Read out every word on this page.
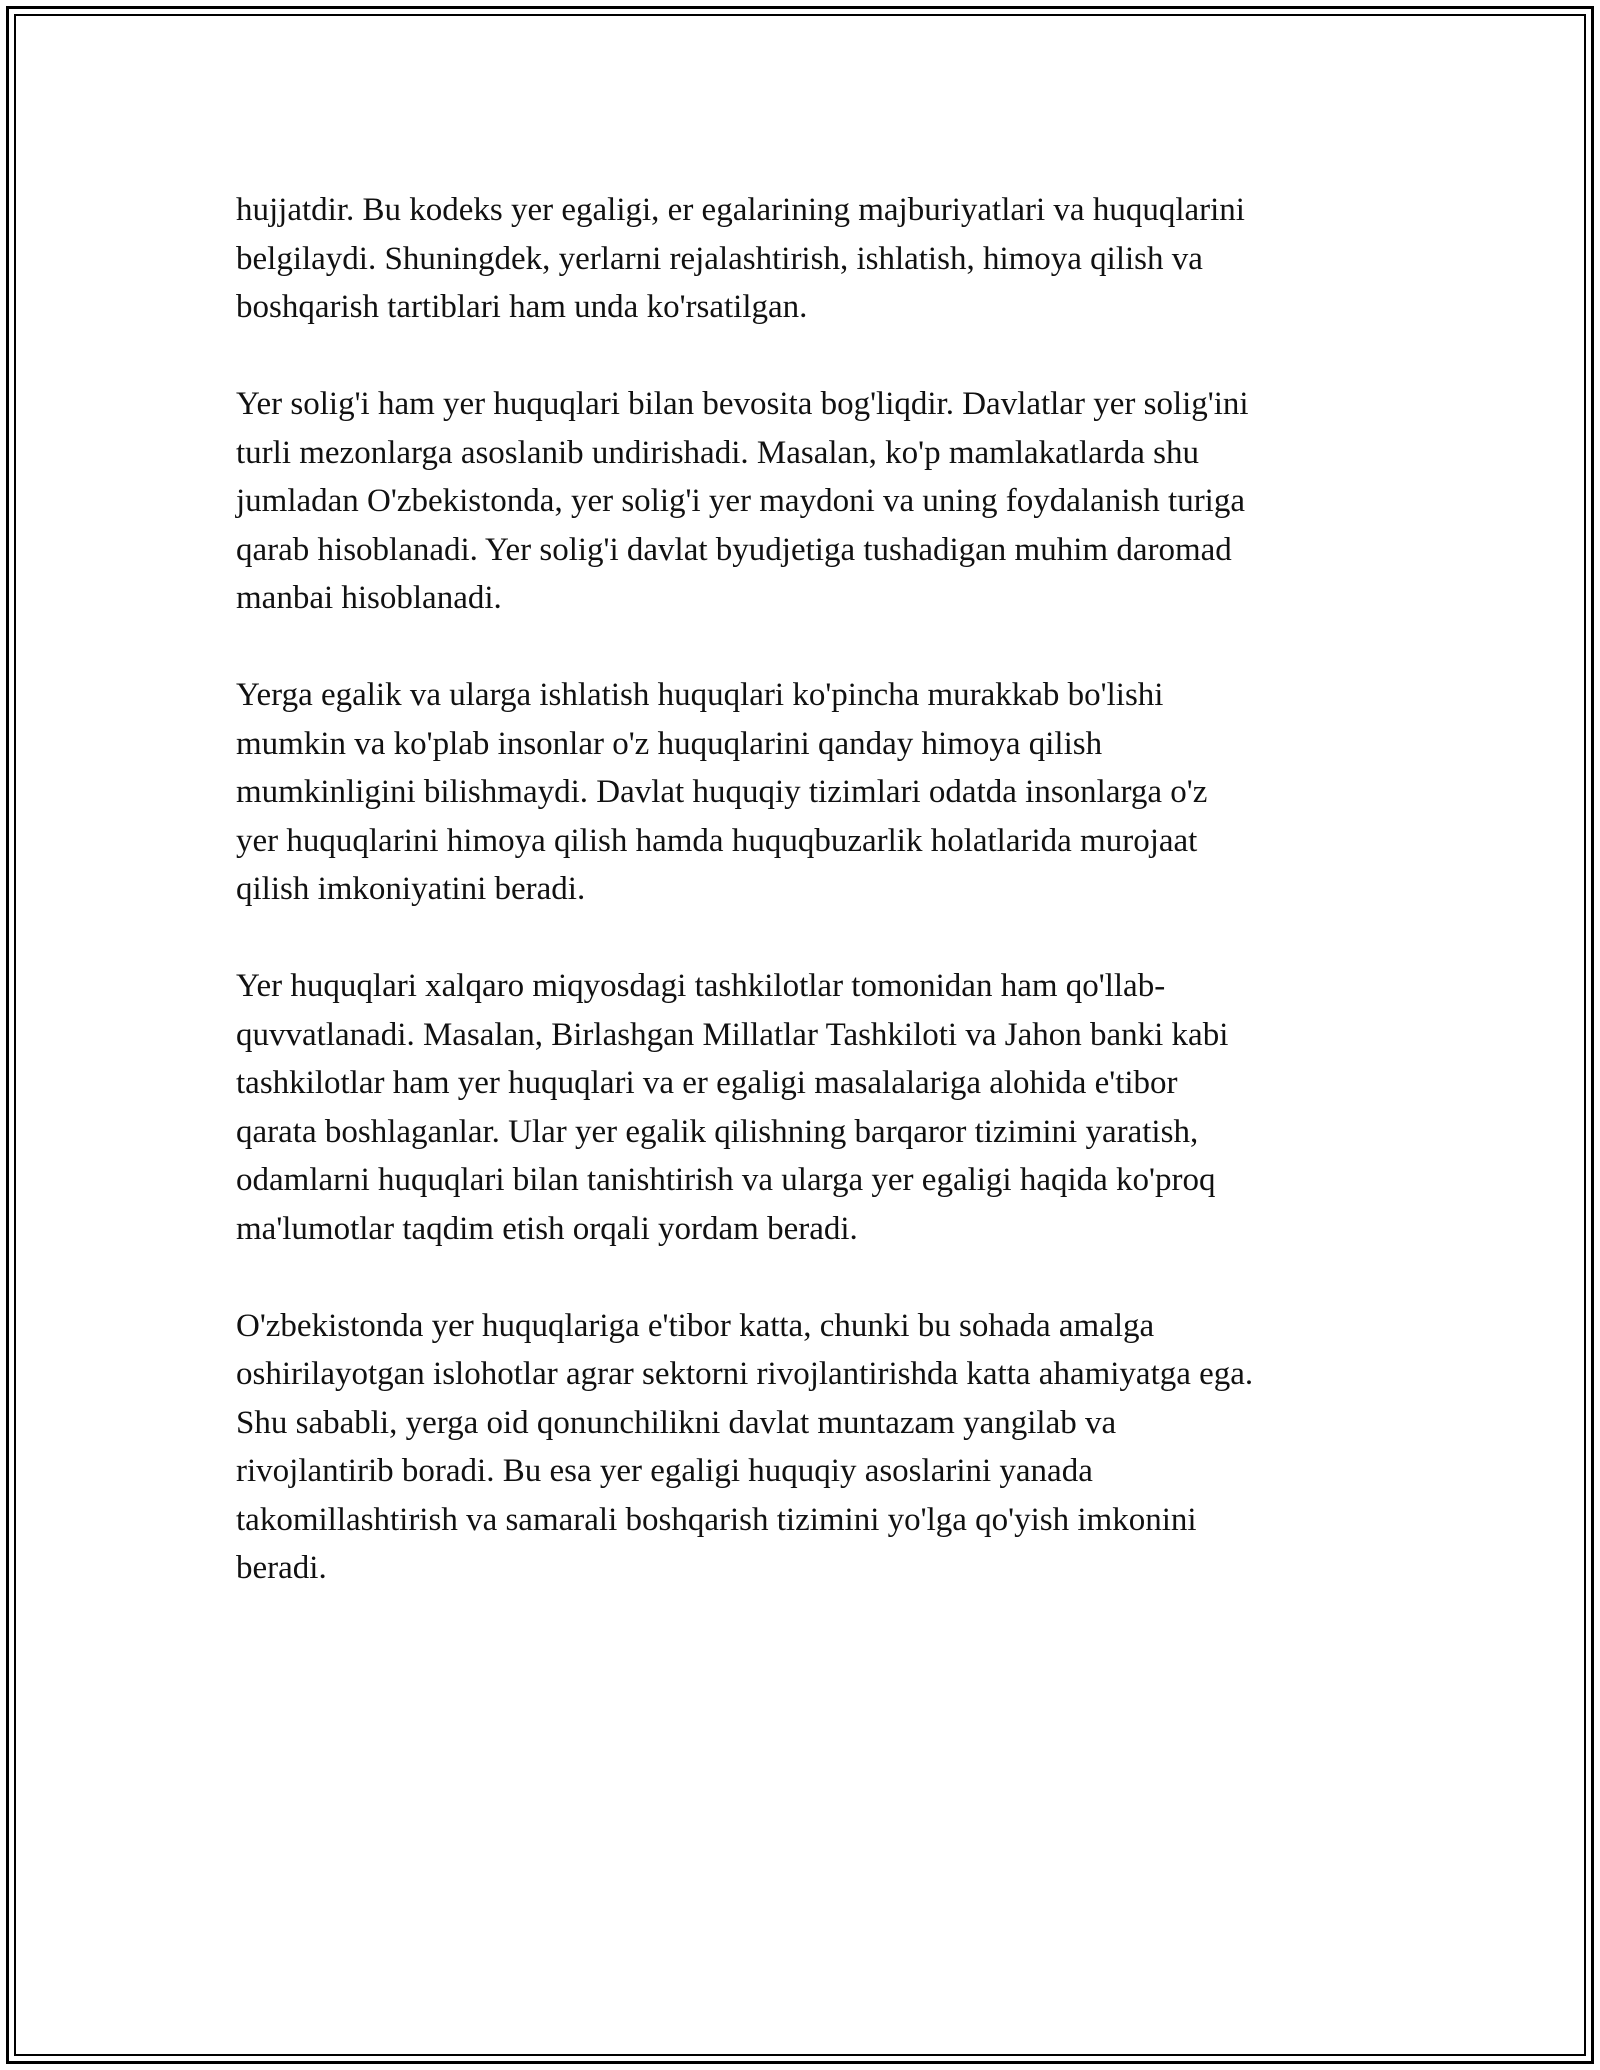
hujjatdir. Bu kodeks yer egaligi, er egalarining majburiyatlari va huquqlarini
belgilaydi. Shuningdek, yerlarni rejalashtirish, ishlatish, himoya qilish va
boshqarish tartiblari ham unda ko'rsatilgan.

Yer solig'i ham yer huquqlari bilan bevosita bog'liqdir. Davlatlar yer solig'ini
turli mezonlarga asoslanib undirishadi. Masalan, ko'p mamlakatlarda shu
jumladan O'zbekistonda, yer solig'i yer maydoni va uning foydalanish turiga
qarab hisoblanadi. Yer solig'i davlat byudjetiga tushadigan muhim daromad
manbai hisoblanadi.

Yerga egalik va ularga ishlatish huquqlari ko'pincha murakkab bo'lishi
mumkin va ko'plab insonlar o'z huquqlarini qanday himoya qilish
mumkinligini bilishmaydi. Davlat huquqiy tizimlari odatda insonlarga o'z
yer huquqlarini himoya qilish hamda huquqbuzarlik holatlarida murojaat
qilish imkoniyatini beradi.

Yer huquqlari xalqaro miqyosdagi tashkilotlar tomonidan ham qo'llab-
quvvatlanadi. Masalan, Birlashgan Millatlar Tashkiloti va Jahon banki kabi
tashkilotlar ham yer huquqlari va er egaligi masalalariga alohida e'tibor
qarata boshlaganlar. Ular yer egalik qilishning barqaror tizimini yaratish,
odamlarni huquqlari bilan tanishtirish va ularga yer egaligi haqida ko'proq
ma'lumotlar taqdim etish orqali yordam beradi.

O'zbekistonda yer huquqlariga e'tibor katta, chunki bu sohada amalga
oshirilayotgan islohotlar agrar sektorni rivojlantirishda katta ahamiyatga ega.
Shu sababli, yerga oid qonunchilikni davlat muntazam yangilab va
rivojlantirib boradi. Bu esa yer egaligi huquqiy asoslarini yanada
takomillashtirish va samarali boshqarish tizimini yo'lga qo'yish imkonini
beradi.
